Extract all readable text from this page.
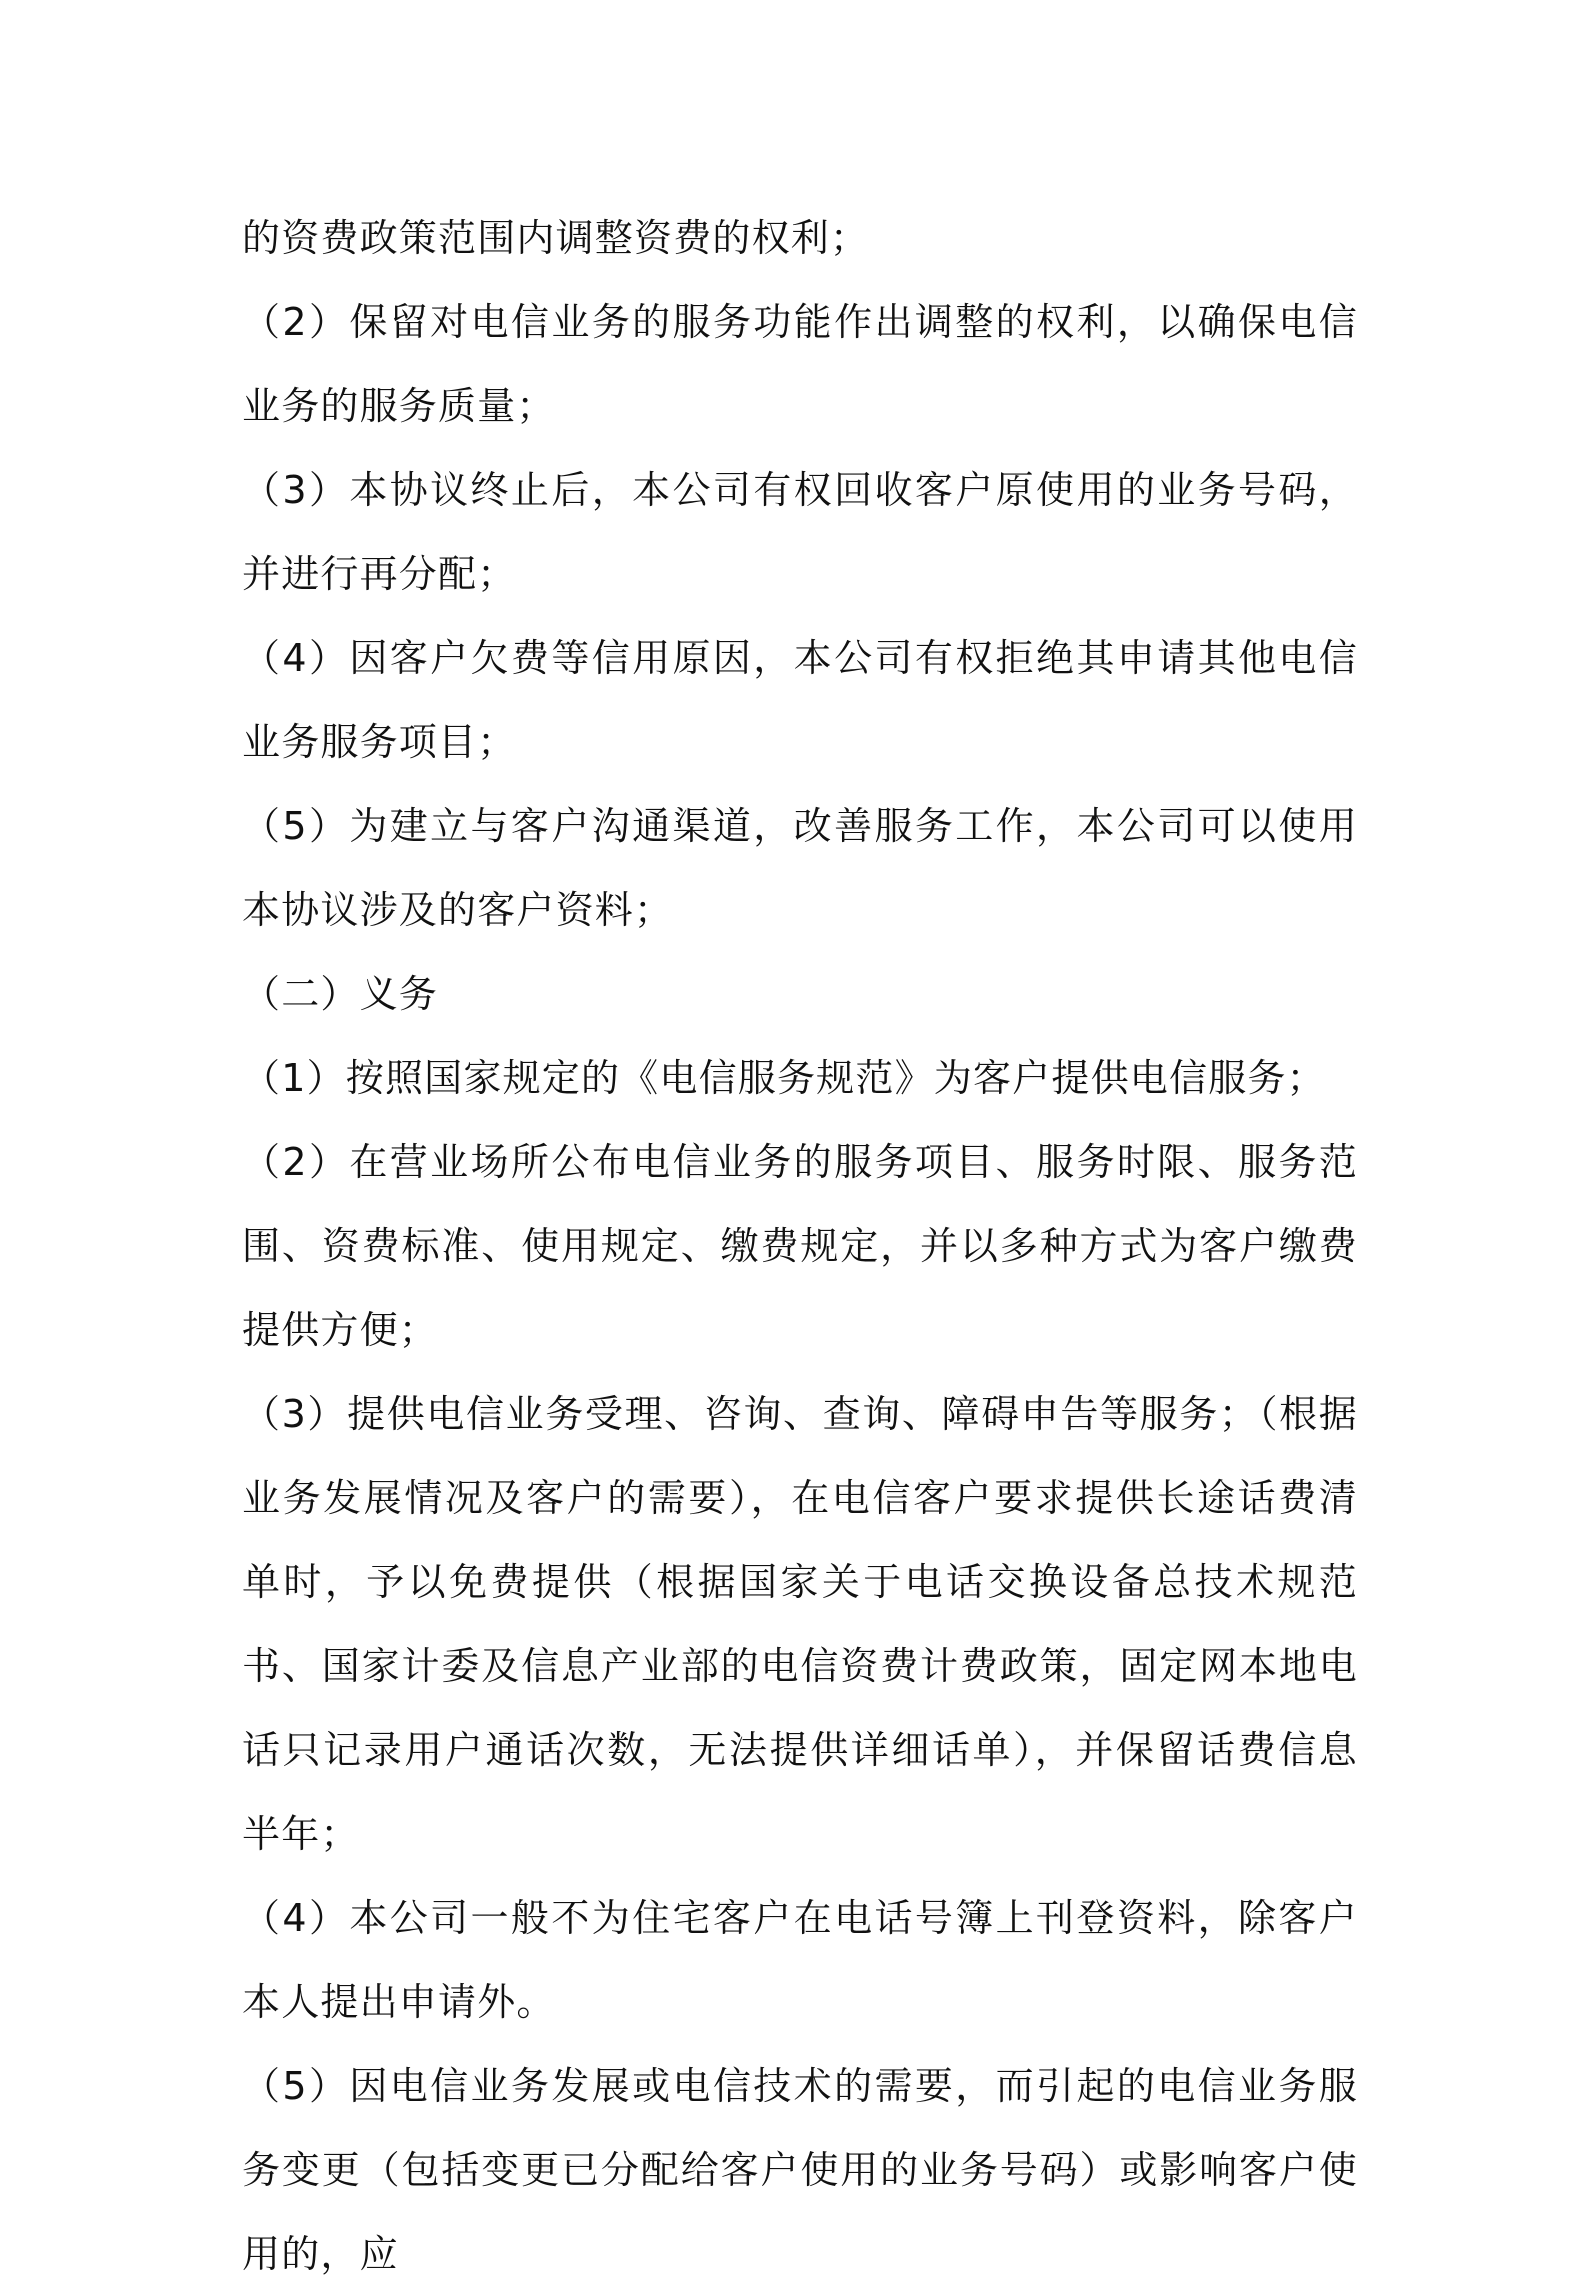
的资费政策范围内调整资费的权利；

（2）保留对电信业务的服务功能作出调整的权利，以确保电信业务的服务质量；

（3）本协议终止后，本公司有权回收客户原使用的业务号码，并进行再分配；

（4）因客户欠费等信用原因，本公司有权拒绝其申请其他电信业务服务项目；

（5）为建立与客户沟通渠道，改善服务工作，本公司可以使用本协议涉及的客户资料；

（二）义务

（1）按照国家规定的《电信服务规范》为客户提供电信服务；

（2）在营业场所公布电信业务的服务项目、服务时限、服务范围、资费标准、使用规定、缴费规定，并以多种方式为客户缴费提供方便；

（3）提供电信业务受理、咨询、查询、障碍申告等服务；（根据业务发展情况及客户的需要），在电信客户要求提供长途话费清单时，予以免费提供（根据国家关于电话交换设备总技术规范书、国家计委及信息产业部的电信资费计费政策，固定网本地电话只记录用户通话次数，无法提供详细话单），并保留话费信息半年；

（4）本公司一般不为住宅客户在电话号簿上刊登资料，除客户本人提出申请外。

（5）因电信业务发展或电信技术的需要，而引起的电信业务服务变更（包括变更已分配给客户使用的业务号码）或影响客户使用的，应
